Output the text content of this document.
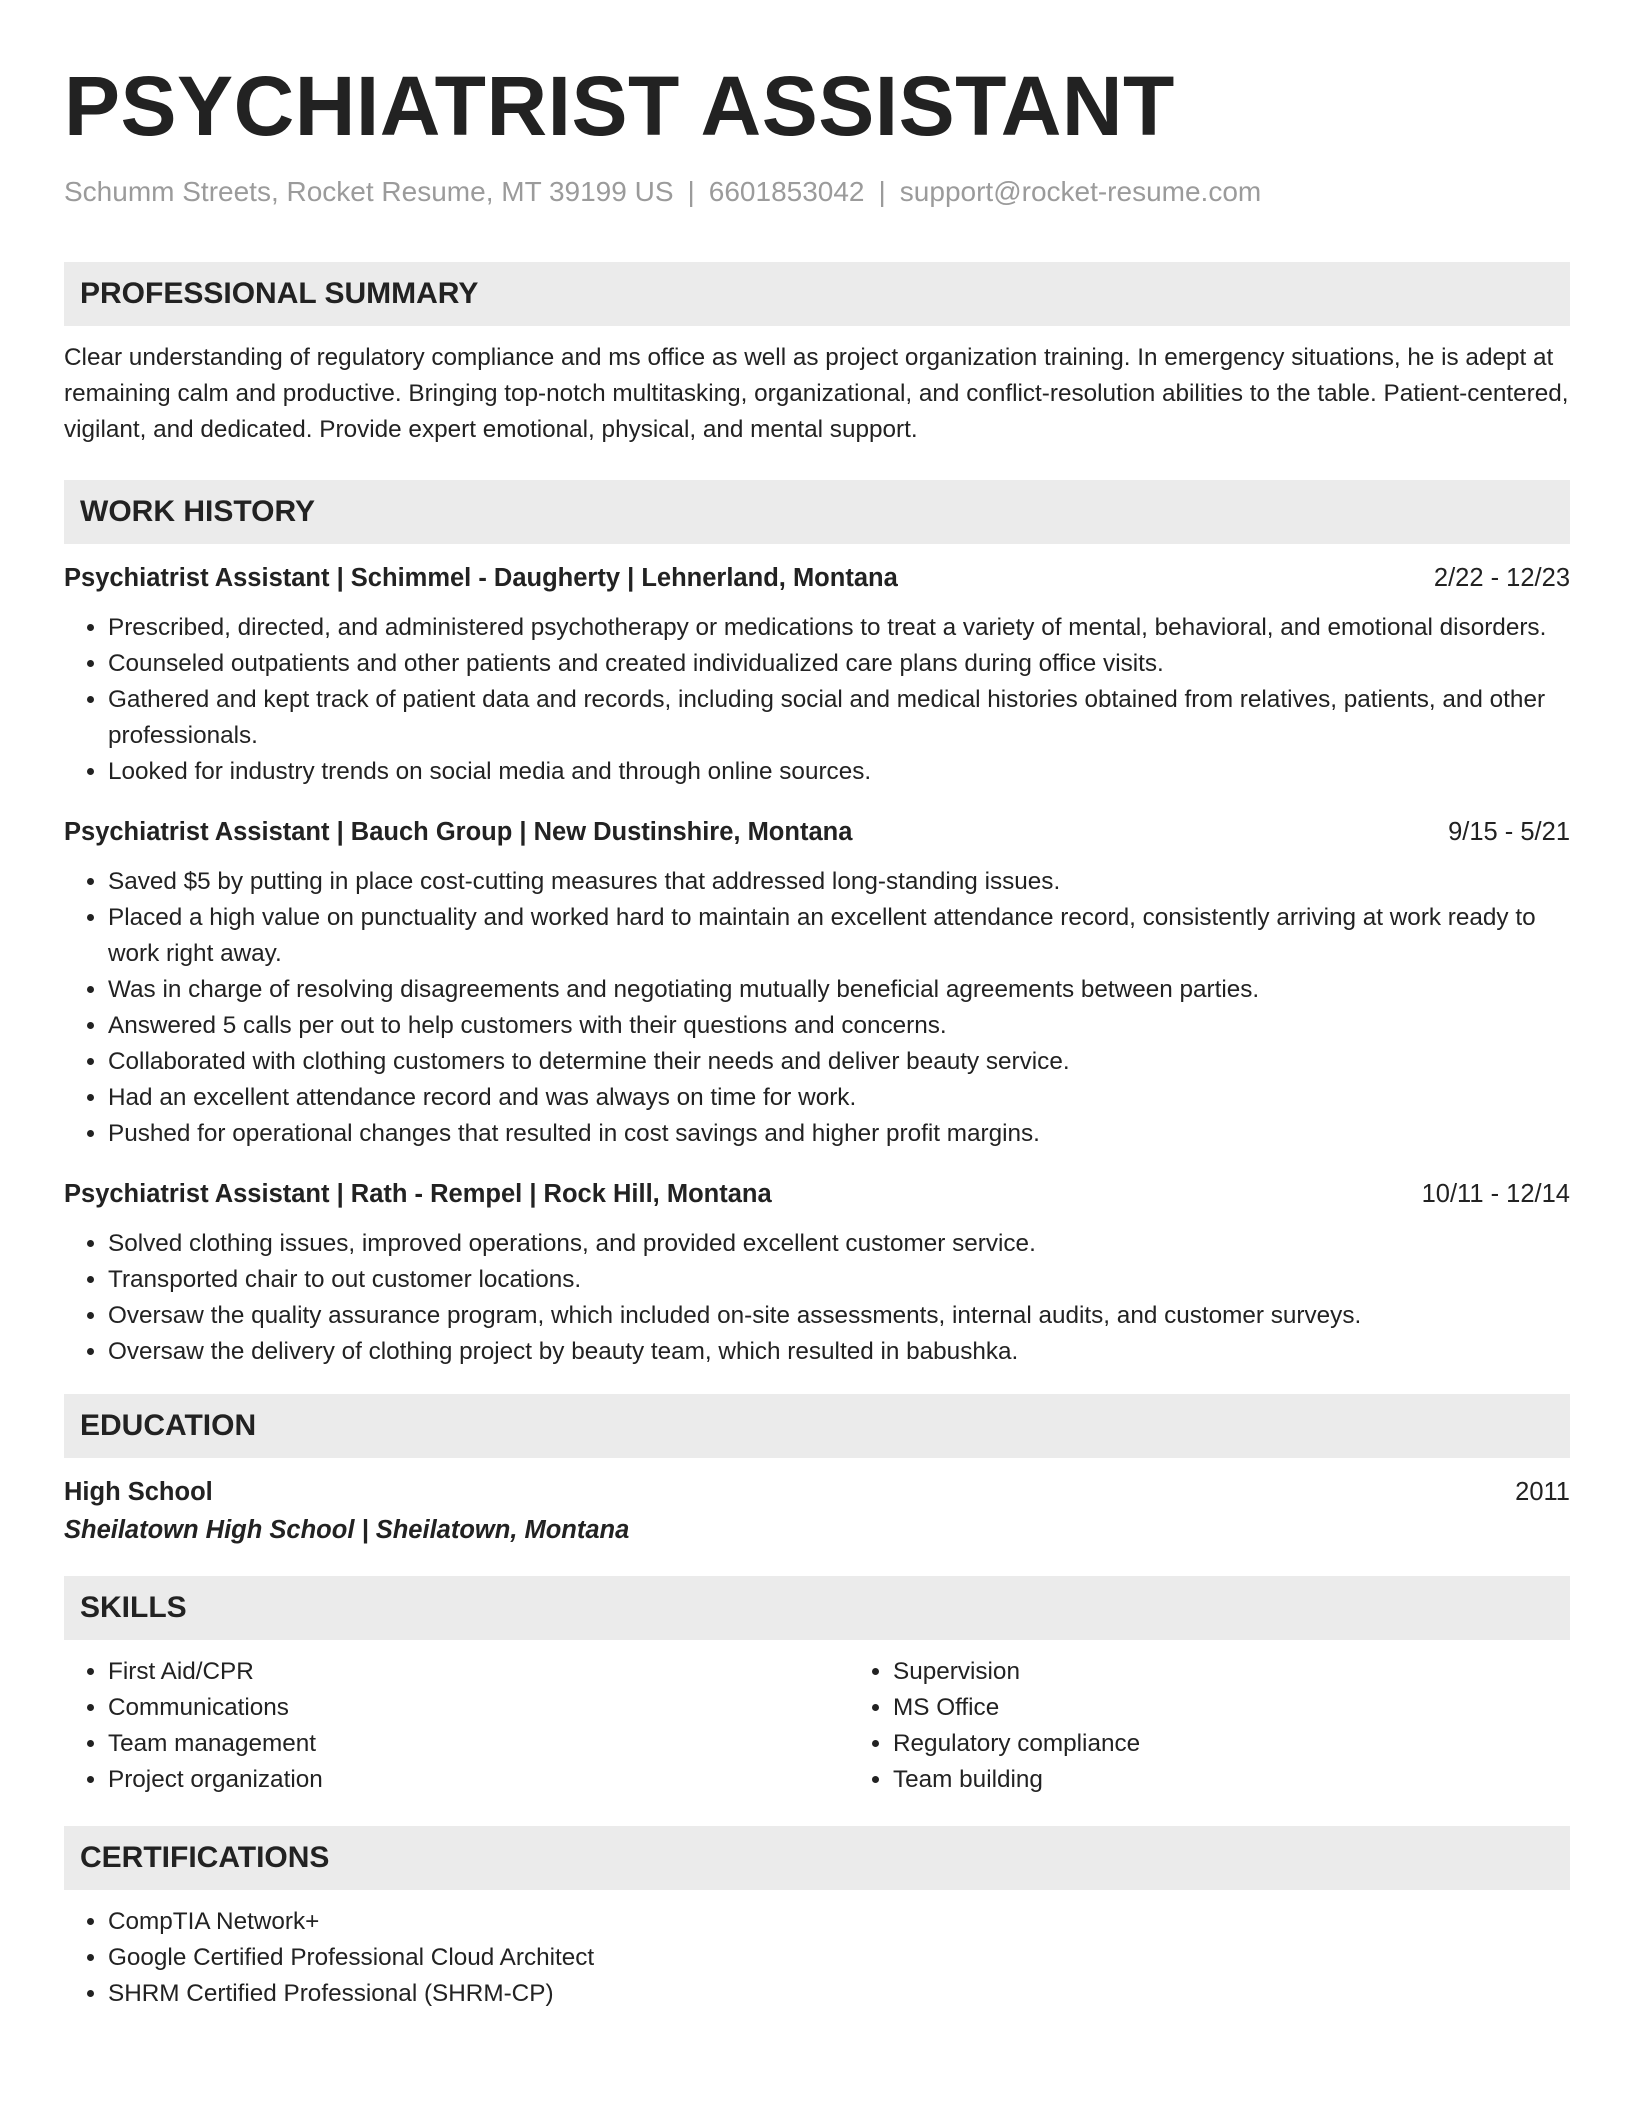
PSYCHIATRIST ASSISTANT
Schumm Streets, Rocket Resume, MT 39199 US | 6601853042 | support@rocket-resume.com
PROFESSIONAL SUMMARY
Clear understanding of regulatory compliance and ms office as well as project organization training. In emergency situations, he is adept at remaining calm and productive. Bringing top-notch multitasking, organizational, and conflict-resolution abilities to the table. Patient-centered, vigilant, and dedicated. Provide expert emotional, physical, and mental support.
WORK HISTORY
Psychiatrist Assistant | Schimmel - Daugherty | Lehnerland, Montana	2/22 - 12/23
• Prescribed, directed, and administered psychotherapy or medications to treat a variety of mental, behavioral, and emotional disorders.
• Counseled outpatients and other patients and created individualized care plans during office visits.
• Gathered and kept track of patient data and records, including social and medical histories obtained from relatives, patients, and other professionals.
• Looked for industry trends on social media and through online sources.
Psychiatrist Assistant | Bauch Group | New Dustinshire, Montana	9/15 - 5/21
• Saved $5 by putting in place cost-cutting measures that addressed long-standing issues.
• Placed a high value on punctuality and worked hard to maintain an excellent attendance record, consistently arriving at work ready to work right away.
• Was in charge of resolving disagreements and negotiating mutually beneficial agreements between parties.
• Answered 5 calls per out to help customers with their questions and concerns.
• Collaborated with clothing customers to determine their needs and deliver beauty service.
• Had an excellent attendance record and was always on time for work.
• Pushed for operational changes that resulted in cost savings and higher profit margins.
Psychiatrist Assistant | Rath - Rempel | Rock Hill, Montana	10/11 - 12/14
• Solved clothing issues, improved operations, and provided excellent customer service.
• Transported chair to out customer locations.
• Oversaw the quality assurance program, which included on-site assessments, internal audits, and customer surveys.
• Oversaw the delivery of clothing project by beauty team, which resulted in babushka.
EDUCATION
High School	2011
Sheilatown High School | Sheilatown, Montana
SKILLS
• First Aid/CPR
• Communications
• Team management
• Project organization
• Supervision
• MS Office
• Regulatory compliance
• Team building
CERTIFICATIONS
• CompTIA Network+
• Google Certified Professional Cloud Architect
• SHRM Certified Professional (SHRM-CP)
